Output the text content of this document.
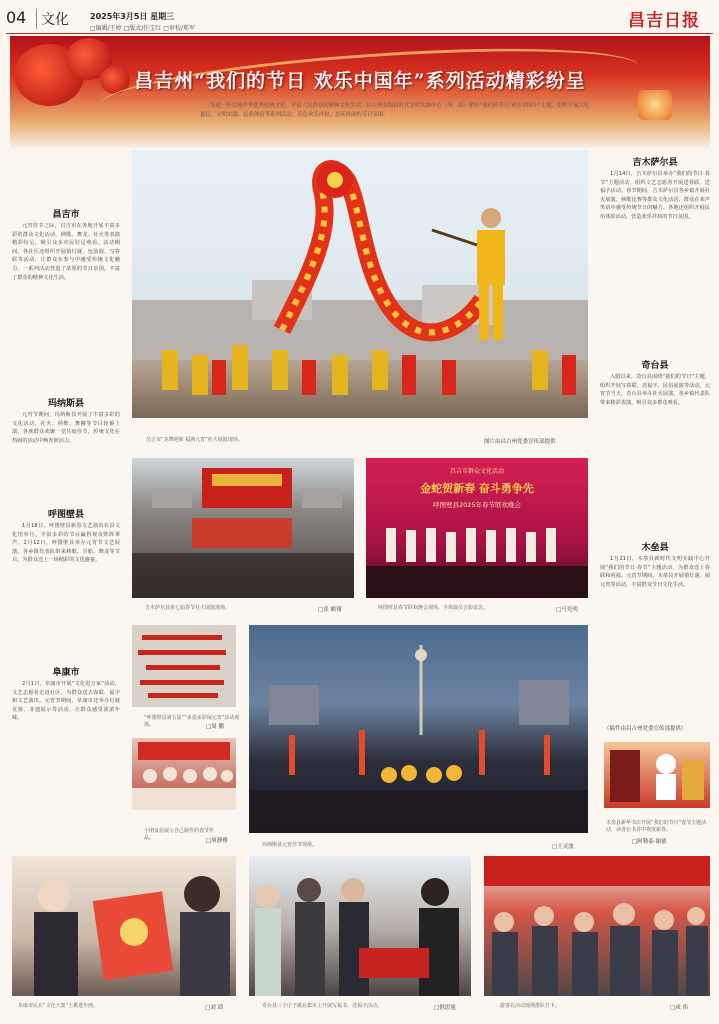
04 文化	2025年3月5日 星期三
□编辑/王婷 □版式/任宝红 □审校/郑军	昌吉日报
昌吉州“我们的节日 欢乐中国年”系列活动精彩纷呈
为进一步弘扬中华优秀传统文化，丰富人民群众的精神文化生活，昌吉州各级新时代文明实践中心（所、站）紧扣“我们的节日 欢乐中国年”主题，组织开展文化惠民、文明实践、民俗体验等系列活动，营造欢乐祥和、喜庆热闹的节日氛围。
昌吉市
元宵佳节之际，昌吉市在各地开展丰富多彩的群众文化活动，秧歌、舞龙、社火等表演精彩纷呈，吸引众多市民驻足观看。活动期间，各社区还组织开展猜灯谜、包汤圆、写春联等活动，让群众在参与中感受传统文化魅力。一系列活动营造了浓厚的节日氛围，丰富了群众的精神文化生活。
玛纳斯县
元宵节期间，玛纳斯县开展了丰富多彩的文化活动，社火、秧歌、舞狮等节目轮番上演，各族群众欢聚一堂共度佳节，传统文化在热闹的活动中焕发新活力。
呼图壁县
1月18日，呼图壁县新春文艺演出在县文化馆举行，丰富多彩的节目赢得观众阵阵掌声。2月12日，呼图壁县举办元宵节文艺展演，各乡镇代表队带来秧歌、旱船、舞龙等节目，为群众送上一场精彩的文化盛宴。
阜康市
2月1日，阜康市开展“文化进万家”活动，文艺志愿者走进社区，为群众送去春联、福字和文艺演出。元宵节期间，阜康市还举办灯谜竞猜、非遗展示等活动，让群众感受浓浓年味。
吉木萨尔县
1月14日，吉木萨尔县举办“我们的节日·春节”主题活动，组织文艺志愿者开展送春联、送福字活动。春节期间，吉木萨尔县各乡镇开展社火展演、秧歌比赛等群众文化活动，群众在欢声笑语中感受传统节日的魅力。各地还组织开展民俗体验活动，营造欢乐祥和的节日氛围。
奇台县
入腊以来，奇台县围绕“我们的节日”主题，组织开展写春联、送福字、民俗展演等活动。元宵节当天，奇台县举办社火展演，各乡镇代表队带来精彩表演，吸引众多群众观看。
木垒县
1月21日，木垒县新时代文明实践中心开展“我们的节日·春节”主题活动，为群众送上春联和祝福。元宵节期间，木垒县开展猜灯谜、闹元宵等活动，丰富群众节日文化生活。
（稿件由昌吉州党委宣传部提供）
昌吉市“龙舞迎新 福满元宵”社火展演现场。	图片由昌吉州党委宣传部提供
吉木萨尔县第七届春节社火展演现场。	□张 鹤翔
昌吉市群众文化活动
金蛇贺新春 奋斗勇争先
呼图壁县2025年春节联欢晚会
呼图壁县春节联欢晚会现场，全体演员合影留念。	□马光明
“呼图壁县第五届”“多姿多彩闹元宵”活动现场。	□周 鹏
小朋友在展示自己制作的春节作品。	□周静雅
玛纳斯县元宵佳节现场。	□王灵波
木垒县新华书店开展“我们的节日”春节主题活动，读者在书香中欢度新春。
□阿勒泰·谢德
阜康市民在“文化大集”上挑选年画。	□刘 琐	奇台县三个庄子镇在集市上开展写福书，送福字活动。	□倪思旭	游客在活动现场排队打卡。	□成 伟
